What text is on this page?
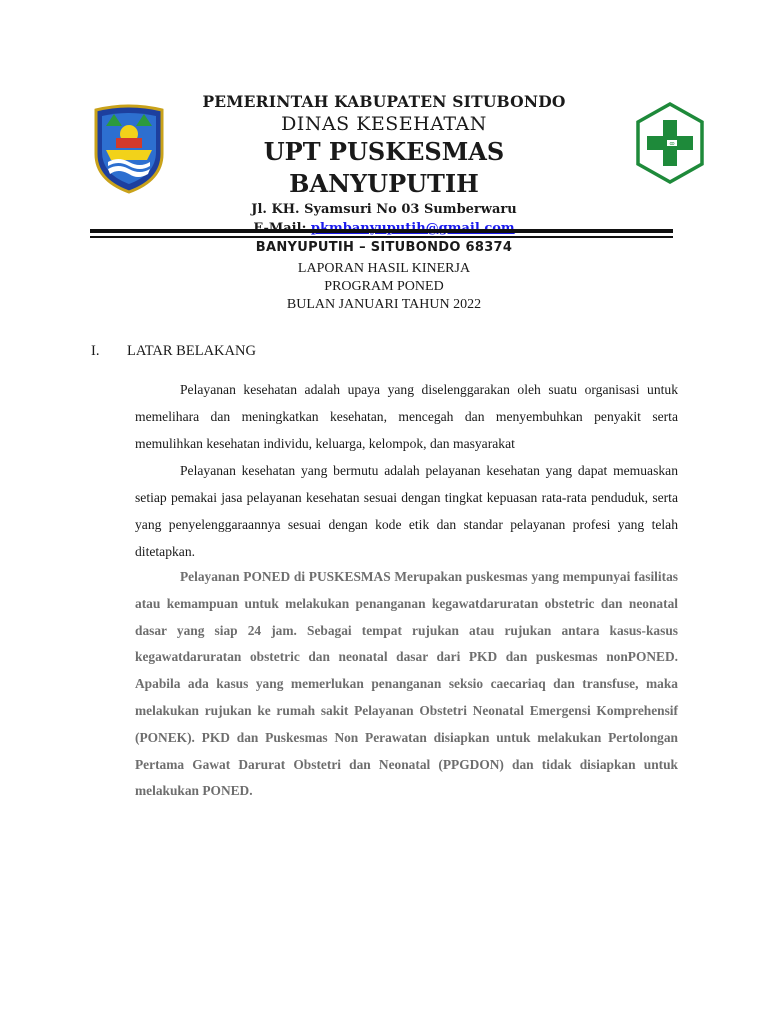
PEMERINTAH KABUPATEN SITUBONDO
DINAS KESEHATAN
UPT PUSKESMAS BANYUPUTIH
Jl. KH. Syamsuri No 03 Sumberwaru
BANYUPUTIH – SITUBONDO 68374
ꝏ
LAPORAN HASIL KINERJA
PROGRAM PONED
BULAN JANUARI TAHUN 2022
I. LATAR BELAKANG

Pelayanan kesehatan adalah upaya yang diselenggarakan oleh suatu organisasi untuk memelihara dan meningkatkan kesehatan, mencegah dan menyembuhkan penyakit serta memulihkan kesehatan individu, keluarga, kelompok, dan masyarakat

Pelayanan kesehatan yang bermutu adalah pelayanan kesehatan yang dapat memuaskan setiap pemakai jasa pelayanan kesehatan sesuai dengan tingkat kepuasan rata-rata penduduk, serta yang penyelenggaraannya sesuai dengan kode etik dan standar pelayanan profesi yang telah ditetapkan.

Pelayanan PONED di PUSKESMAS Merupakan puskesmas yang mempunyai fasilitas atau kemampuan untuk melakukan penanganan kegawatdaruratan obstetric dan neonatal dasar yang siap 24 jam. Sebagai tempat rujukan atau rujukan antara kasus-kasus kegawatdaruratan obstetric dan neonatal dasar dari PKD dan puskesmas nonPONED. Apabila ada kasus yang memerlukan penanganan seksio caecariaq dan transfuse, maka melakukan rujukan ke rumah sakit Pelayanan Obstetri Neonatal Emergensi Komprehensif (PONEK). PKD dan Puskesmas Non Perawatan disiapkan untuk melakukan Pertolongan Pertama Gawat Darurat Obstetri dan Neonatal (PPGDON) dan tidak disiapkan untuk melakukan PONED.
